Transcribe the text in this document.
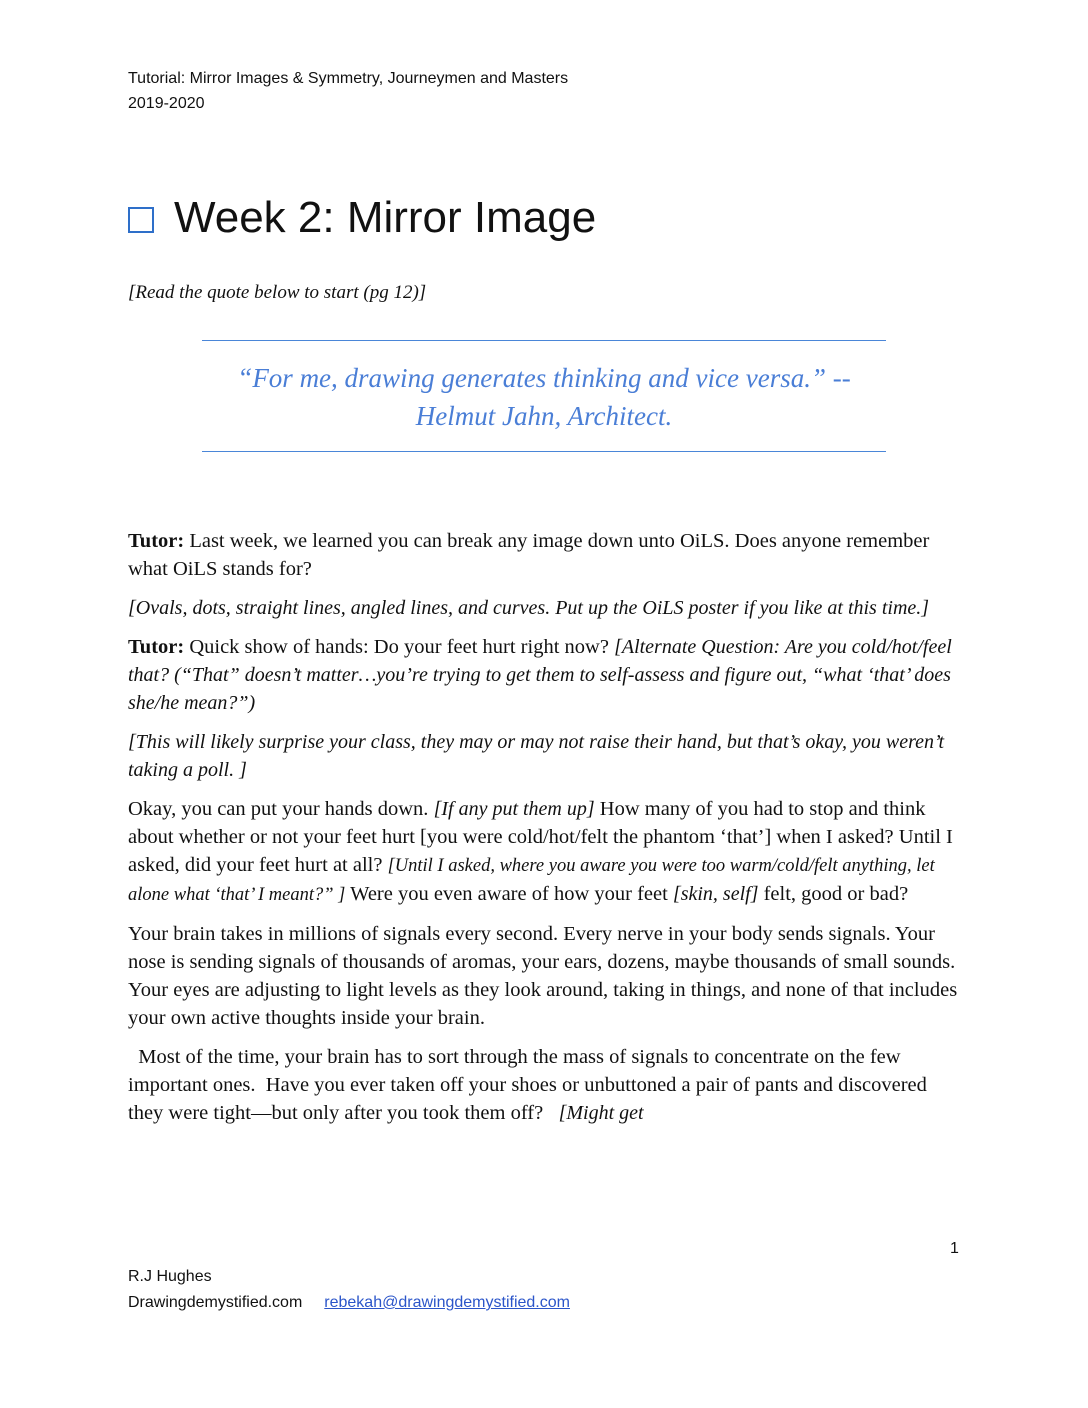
Tutorial: Mirror Images & Symmetry, Journeymen and Masters
2019-2020
Week 2: Mirror Image
[Read the quote below to start (pg 12)]
“For me, drawing generates thinking and vice versa.” --
Helmut Jahn, Architect.

Tutor: Last week, we learned you can break any image down unto OiLS. Does anyone remember what OiLS stands for?

[Ovals, dots, straight lines, angled lines, and curves. Put up the OiLS poster if you like at this time.]

Tutor: Quick show of hands: Do your feet hurt right now? [Alternate Question: Are you cold/hot/feel that? (“That” doesn’t matter…you’re trying to get them to self-assess and figure out, “what ‘that’ does she/he mean?”)

[This will likely surprise your class, they may or may not raise their hand, but that’s okay, you weren’t taking a poll. ]

Okay, you can put your hands down. [If any put them up] How many of you had to stop and think about whether or not your feet hurt [you were cold/hot/felt the phantom ‘that’] when I asked? Until I asked, did your feet hurt at all? [Until I asked, where you aware you were too warm/cold/felt anything, let alone what ‘that’ I meant?” ] Were you even aware of how your feet [skin, self] felt, good or bad?

Your brain takes in millions of signals every second. Every nerve in your body sends signals. Your nose is sending signals of thousands of aromas, your ears, dozens, maybe thousands of small sounds. Your eyes are adjusting to light levels as they look around, taking in things, and none of that includes your own active thoughts inside your brain.

Most of the time, your brain has to sort through the mass of signals to concentrate on the few important ones.  Have you ever taken off your shoes or unbuttoned a pair of pants and discovered they were tight—but only after you took them off?   [Might get

1
R.J Hughes
Drawingdemystified.com rebekah@drawingdemystified.com
